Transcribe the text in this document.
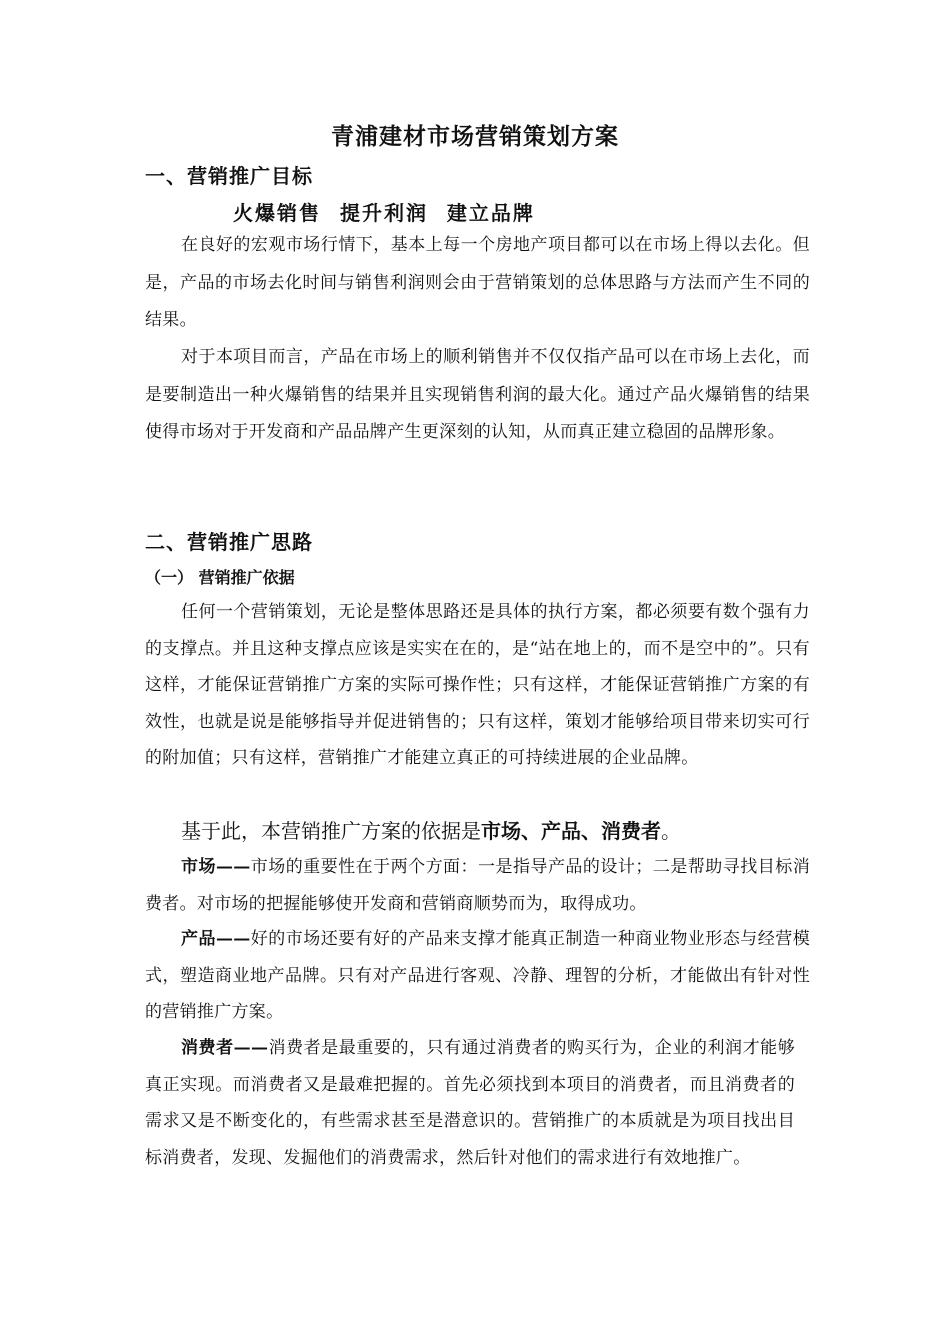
青浦建材市场营销策划方案
一、营销推广目标
火爆销售 提升利润 建立品牌
在良好的宏观市场行情下，基本上每一个房地产项目都可以在市场上得以去化。但是，产品的市场去化时间与销售利润则会由于营销策划的总体思路与方法而产生不同的结果。
对于本项目而言，产品在市场上的顺利销售并不仅仅指产品可以在市场上去化，而是要制造出一种火爆销售的结果并且实现销售利润的最大化。通过产品火爆销售的结果使得市场对于开发商和产品品牌产生更深刻的认知，从而真正建立稳固的品牌形象。
二、营销推广思路
（一） 营销推广依据
任何一个营销策划，无论是整体思路还是具体的执行方案，都必须要有数个强有力的支撑点。并且这种支撑点应该是实实在在的，是“站在地上的，而不是空中的”。只有这样，才能保证营销推广方案的实际可操作性；只有这样，才能保证营销推广方案的有效性，也就是说是能够指导并促进销售的；只有这样，策划才能够给项目带来切实可行的附加值；只有这样，营销推广才能建立真正的可持续进展的企业品牌。
基于此，本营销推广方案的依据是市场、产品、消费者。
市场——市场的重要性在于两个方面：一是指导产品的设计；二是帮助寻找目标消费者。对市场的把握能够使开发商和营销商顺势而为，取得成功。
产品——好的市场还要有好的产品来支撑才能真正制造一种商业物业形态与经营模式，塑造商业地产品牌。只有对产品进行客观、冷静、理智的分析，才能做出有针对性的营销推广方案。
消费者——消费者是最重要的，只有通过消费者的购买行为，企业的利润才能够真正实现。而消费者又是最难把握的。首先必须找到本项目的消费者，而且消费者的需求又是不断变化的，有些需求甚至是潜意识的。营销推广的本质就是为项目找出目标消费者，发现、发掘他们的消费需求，然后针对他们的需求进行有效地推广。
